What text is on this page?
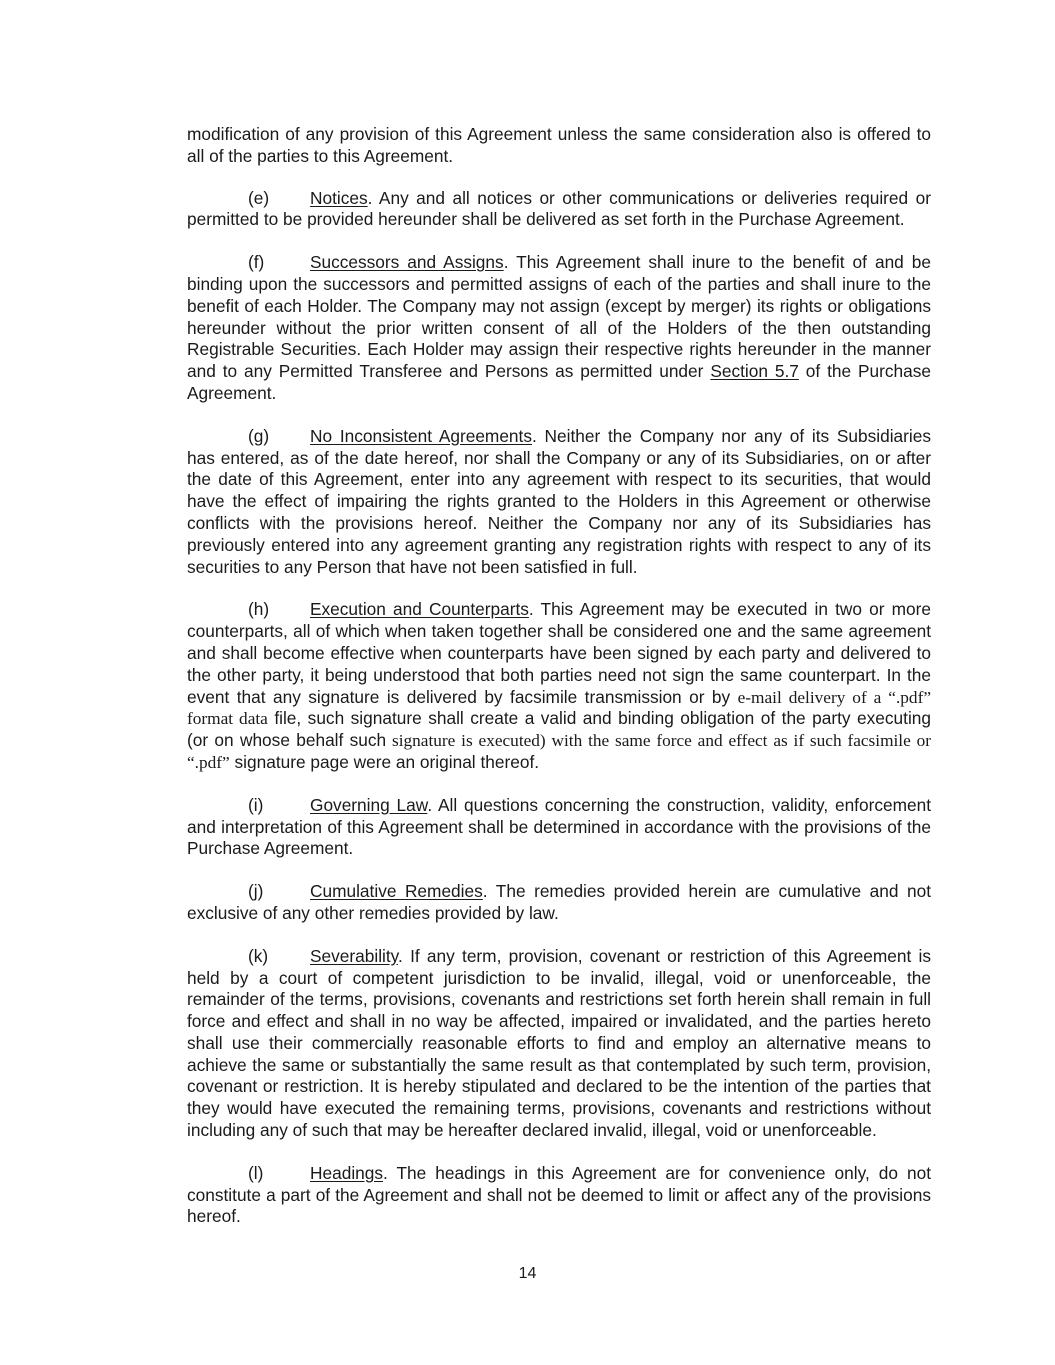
modification of any provision of this Agreement unless the same consideration also is offered to all of the parties to this Agreement.

(e) Notices. Any and all notices or other communications or deliveries required or permitted to be provided hereunder shall be delivered as set forth in the Purchase Agreement.

(f)	Successors and Assigns. This Agreement shall inure to the benefit of and be binding upon the successors and permitted assigns of each of the parties and shall inure to the benefit of each Holder. The Company may not assign (except by merger) its rights or obligations hereunder without the prior written consent of all of the Holders of the then outstanding Registrable Securities. Each Holder may assign their respective rights hereunder in the manner and to any Permitted Transferee and Persons as permitted under Section 5.7 of the Purchase Agreement.

(g) No Inconsistent Agreements. Neither the Company nor any of its Subsidiaries has entered, as of the date hereof, nor shall the Company or any of its Subsidiaries, on or after the date of this Agreement, enter into any agreement with respect to its securities, that would have the effect of impairing the rights granted to the Holders in this Agreement or otherwise conflicts with the provisions hereof. Neither the Company nor any of its Subsidiaries has previously entered into any agreement granting any registration rights with respect to any of its securities to any Person that have not been satisfied in full.

(h) Execution and Counterparts. This Agreement may be executed in two or more counterparts, all of which when taken together shall be considered one and the same agreement and shall become effective when counterparts have been signed by each party and delivered to the other party, it being understood that both parties need not sign the same counterpart. In the event that any signature is delivered by facsimile transmission or by e-mail delivery of a “.pdf” format data file, such signature shall create a valid and binding obligation of the party executing (or on whose behalf such signature is executed) with the same force and effect as if such facsimile or “.pdf” signature page were an original thereof.

(i)	Governing Law. All questions concerning the construction, validity, enforcement and interpretation of this Agreement shall be determined in accordance with the provisions of the Purchase Agreement.

(j)	Cumulative Remedies. The remedies provided herein are cumulative and not exclusive of any other remedies provided by law.

(k) Severability. If any term, provision, covenant or restriction of this Agreement is held by a court of competent jurisdiction to be invalid, illegal, void or unenforceable, the remainder of the terms, provisions, covenants and restrictions set forth herein shall remain in full force and effect and shall in no way be affected, impaired or invalidated, and the parties hereto shall use their commercially reasonable efforts to find and employ an alternative means to achieve the same or substantially the same result as that contemplated by such term, provision, covenant or restriction. It is hereby stipulated and declared to be the intention of the parties that they would have executed the remaining terms, provisions, covenants and restrictions without including any of such that may be hereafter declared invalid, illegal, void or unenforceable.

(l)	Headings. The headings in this Agreement are for convenience only, do not constitute a part of the Agreement and shall not be deemed to limit or affect any of the provisions hereof.

14
